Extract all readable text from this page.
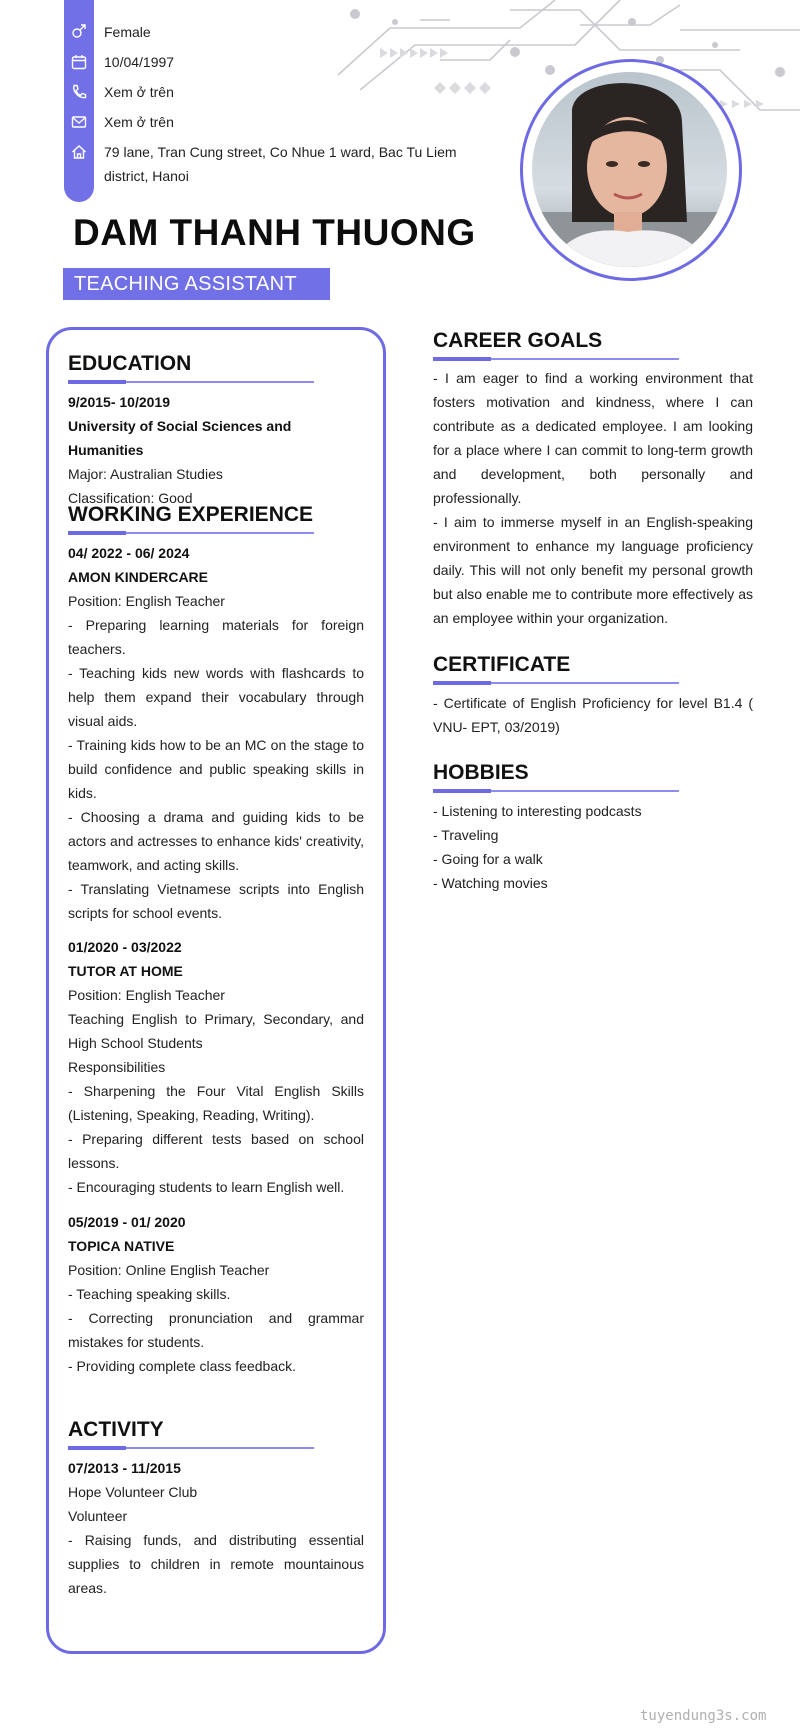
Female
10/04/1997
Xem ở trên
Xem ở trên
79 lane, Tran Cung street, Co Nhue 1 ward, Bac Tu Liem district, Hanoi
DAM THANH THUONG
TEACHING ASSISTANT
EDUCATION
9/2015- 10/2019
University of Social Sciences and Humanities
Major: Australian Studies
Classification: Good
WORKING EXPERIENCE
04/ 2022 - 06/ 2024
AMON KINDERCARE
Position: English Teacher
- Preparing learning materials for foreign teachers.
- Teaching kids new words with flashcards to help them expand their vocabulary through visual aids.
- Training kids how to be an MC on the stage to build confidence and public speaking skills in kids.
- Choosing a drama and guiding kids to be actors and actresses to enhance kids' creativity, teamwork, and acting skills.
- Translating Vietnamese scripts into English scripts for school events.
01/2020 - 03/2022
TUTOR AT HOME
Position: English Teacher
Teaching English to Primary, Secondary, and High School Students
Responsibilities
- Sharpening the Four Vital English Skills (Listening, Speaking, Reading, Writing).
- Preparing different tests based on school lessons.
- Encouraging students to learn English well.
05/2019 - 01/ 2020
TOPICA NATIVE
Position: Online English Teacher
- Teaching speaking skills.
- Correcting pronunciation and grammar mistakes for students.
- Providing complete class feedback.
ACTIVITY
07/2013 - 11/2015
Hope Volunteer Club
Volunteer
- Raising funds, and distributing essential supplies to children in remote mountainous areas.
CAREER GOALS
- I am eager to find a working environment that fosters motivation and kindness, where I can contribute as a dedicated employee. I am looking for a place where I can commit to long-term growth and development, both personally and professionally.
- I aim to immerse myself in an English-speaking environment to enhance my language proficiency daily. This will not only benefit my personal growth but also enable me to contribute more effectively as an employee within your organization.
CERTIFICATE
- Certificate of English Proficiency for level B1.4 ( VNU- EPT, 03/2019)
HOBBIES
- Listening to interesting podcasts
- Traveling
- Going for a walk
- Watching movies
tuyendung3s.com
